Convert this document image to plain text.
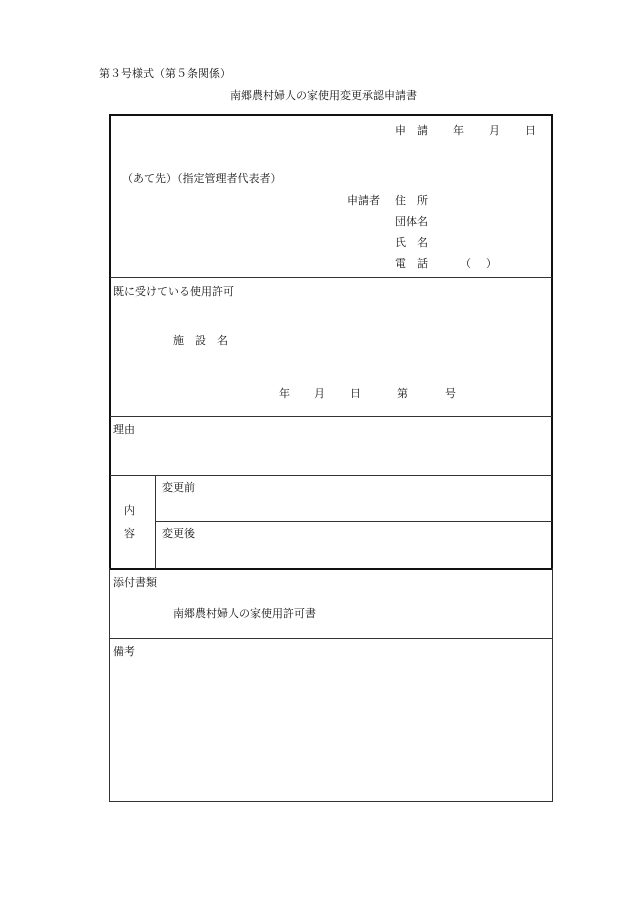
第３号様式（第５条関係）
南郷農村婦人の家使用変更承認申請書
申　請 年 月 日
（あて先）（指定管理者代表者）
申請者 住　所
団体名
氏　名
電　話	（ ）
既に受けている使用許可
施　設　名
年 月 日	第	号
理由
内
容
変更前
変更後
添付書類
南郷農村婦人の家使用許可書
備考
